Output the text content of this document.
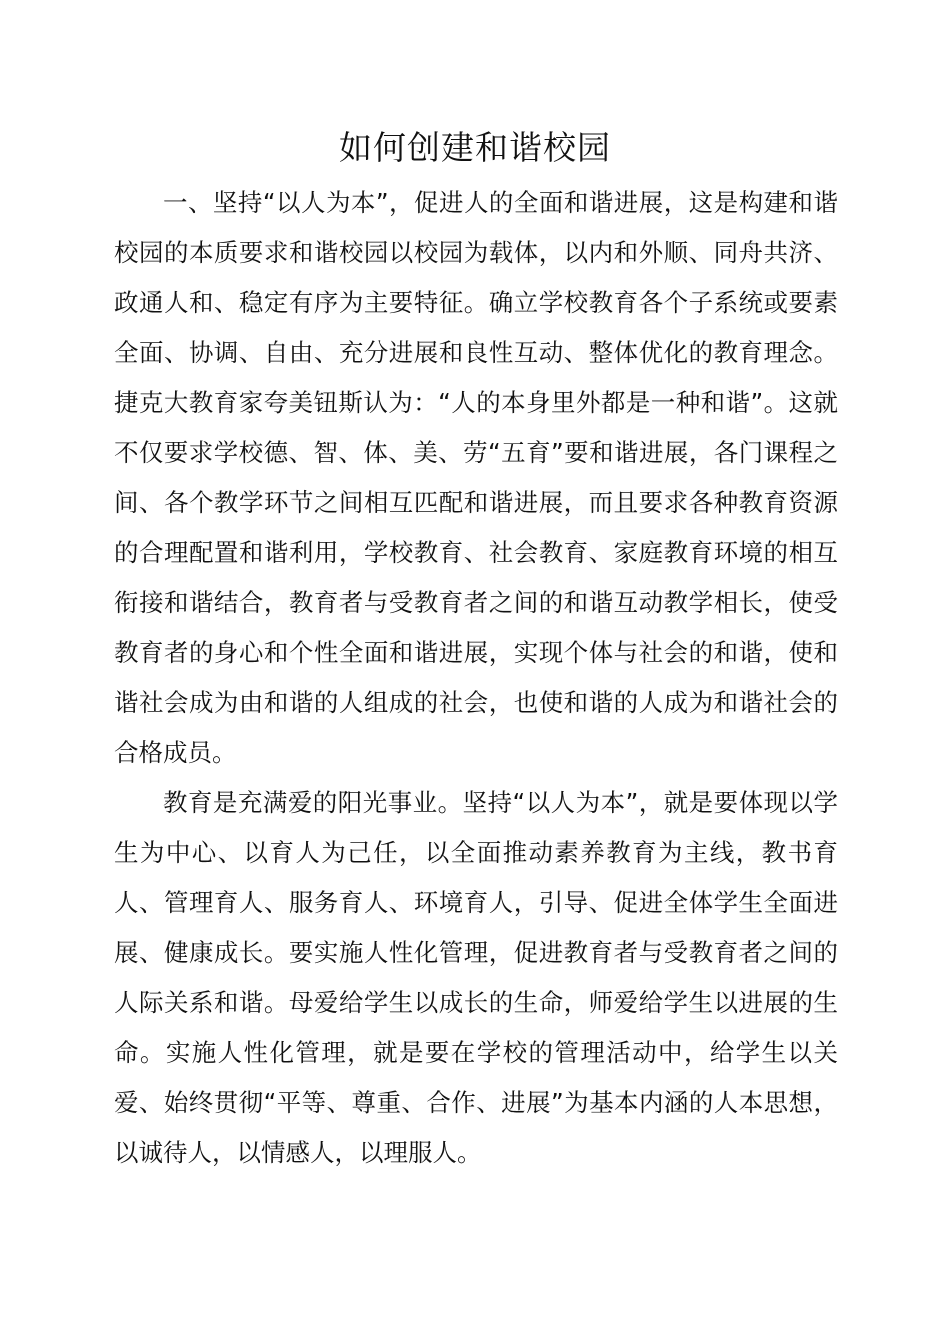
如何创建和谐校园

一、坚持“以人为本”，促进人的全面和谐进展，这是构建和谐校园的本质要求和谐校园以校园为载体，以内和外顺、同舟共济、政通人和、稳定有序为主要特征。确立学校教育各个子系统或要素全面、协调、自由、充分进展和良性互动、整体优化的教育理念。捷克大教育家夸美钮斯认为：“人的本身里外都是一种和谐”。这就不仅要求学校德、智、体、美、劳“五育”要和谐进展，各门课程之间、各个教学环节之间相互匹配和谐进展，而且要求各种教育资源的合理配置和谐利用，学校教育、社会教育、家庭教育环境的相互衔接和谐结合，教育者与受教育者之间的和谐互动教学相长，使受教育者的身心和个性全面和谐进展，实现个体与社会的和谐，使和谐社会成为由和谐的人组成的社会，也使和谐的人成为和谐社会的合格成员。

教育是充满爱的阳光事业。坚持“以人为本”，就是要体现以学生为中心、以育人为己任，以全面推动素养教育为主线，教书育人、管理育人、服务育人、环境育人，引导、促进全体学生全面进展、健康成长。要实施人性化管理，促进教育者与受教育者之间的人际关系和谐。母爱给学生以成长的生命，师爱给学生以进展的生命。实施人性化管理，就是要在学校的管理活动中，给学生以关爱、始终贯彻“平等、尊重、合作、进展”为基本内涵的人本思想，以诚待人，以情感人，以理服人。
